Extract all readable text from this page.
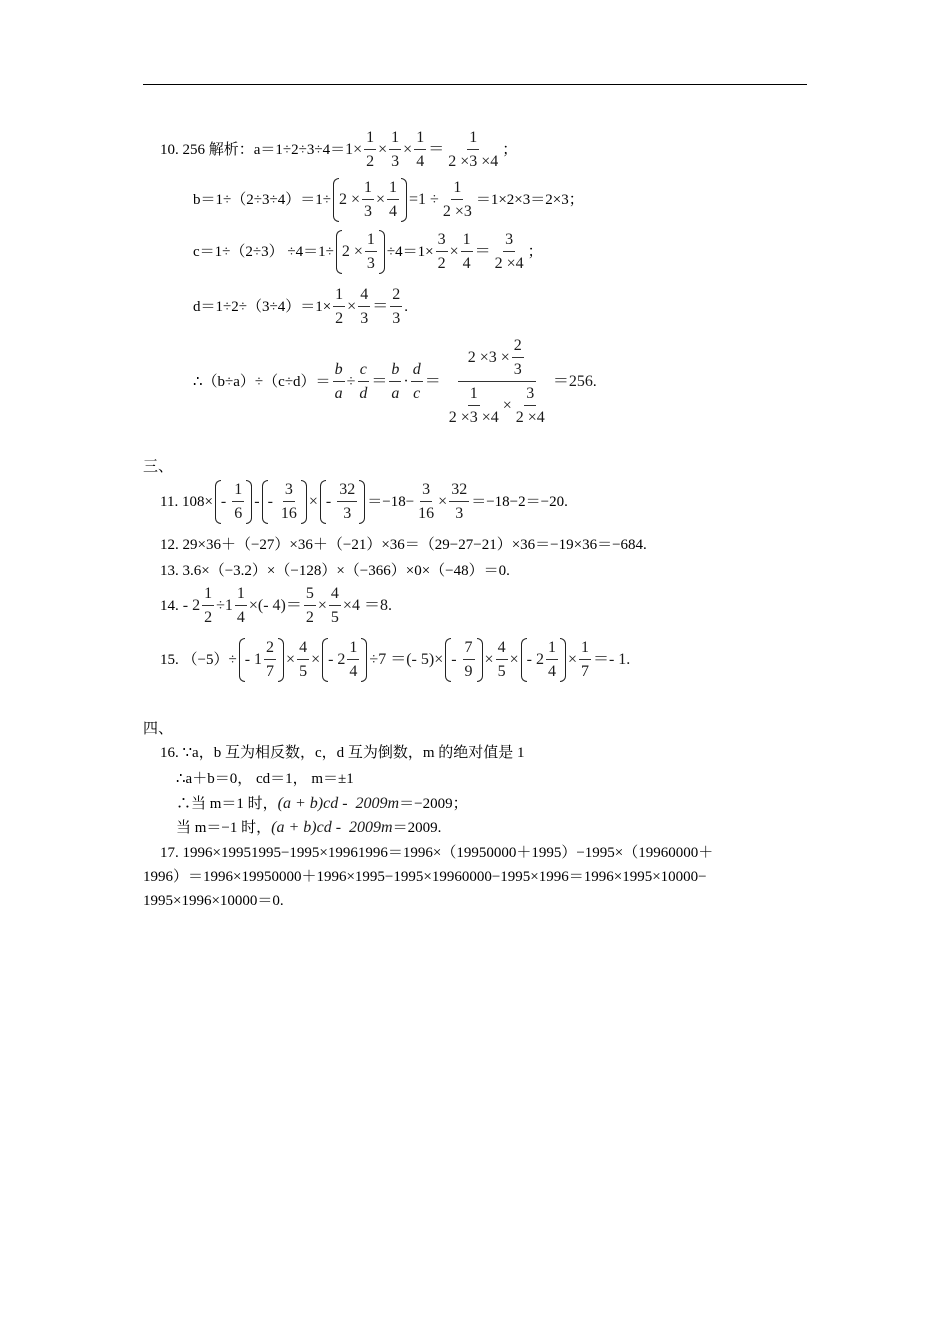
10. 256 解析：$a=1\div 2\div 3\div 4= 1 \times \frac{1}{2} \times \frac{1}{3} \times \frac{1}{4} = \frac{1}{2 \times 3 \times 4}$ ；
$b=1\div(2\div 3\div 4)=1\div 2 \times \frac{1}{3} \times \frac{1}{4} =1 \div \frac{1}{2 \times 3} =1\times 2\times 3=2\times 3$；
$c=1\div(2\div 3) \div 4=1\div 2 \times \frac{1}{3} \div 4=1\times \frac{3}{2} \times \frac{1}{4} = \frac{3}{2 \times 4}$ ；
$d=1\div 2\div(3\div 4)=1\times \frac{1}{2} \times \frac{4}{3} = \frac{2}{3}$ .
∴（b÷a）÷（c÷d）＝ $\frac{b}{a} \div \frac{c}{d} = \frac{b}{a} \cdot \frac{d}{c} = \frac{2 \times 3 \times \frac{2}{3}}{\frac{1}{2 \times 3 \times 4} \times \frac{3}{2 \times 4}} =256$ .
三、
11. $108\times - \frac{1}{6}$ - - $\frac{3}{16}$ × - $\frac{32}{3} =-18- \frac{3}{16} \times \frac{32}{3} =-18-2=-20$.
12. 29×36＋（−27）×36＋（−21）×36＝（29−27−21）×36＝−19×36＝−684.
13. 3.6×（−3.2）×（−128）×（−366）×0×（−48）＝0.
14. - $2 \frac{1}{2} \div 1 \frac{1}{4}$ ×(- $4) = \frac{5}{2} \times \frac{4}{5} \times 4 =8$.
15. $(-5)\div - 1 \frac{2}{7} \times \frac{4}{5}$ × - $2 \frac{1}{4} \div 7$ ＝(- $5)\times - \frac{7}{9} \times \frac{4}{5}$ × - $2 \frac{1}{4} \times \frac{1}{7} =- 1$.
四、
16. ∵a，b 互为相反数，c，d 互为倒数，m 的绝对值是 1
∴a＋b＝0， cd＝1， m＝±1
∴当 m＝1 时， (a + b)cd -  2009m ＝−2009；
当 m＝−1 时， (a + b)cd -  2009m ＝2009.
17. 1996×19951995−1995×19961996＝1996×（19950000＋1995）−1995×（19960000＋
1996）＝1996×19950000＋1996×1995−1995×19960000−1995×1996＝1996×1995×10000−
1995×1996×10000＝0.
